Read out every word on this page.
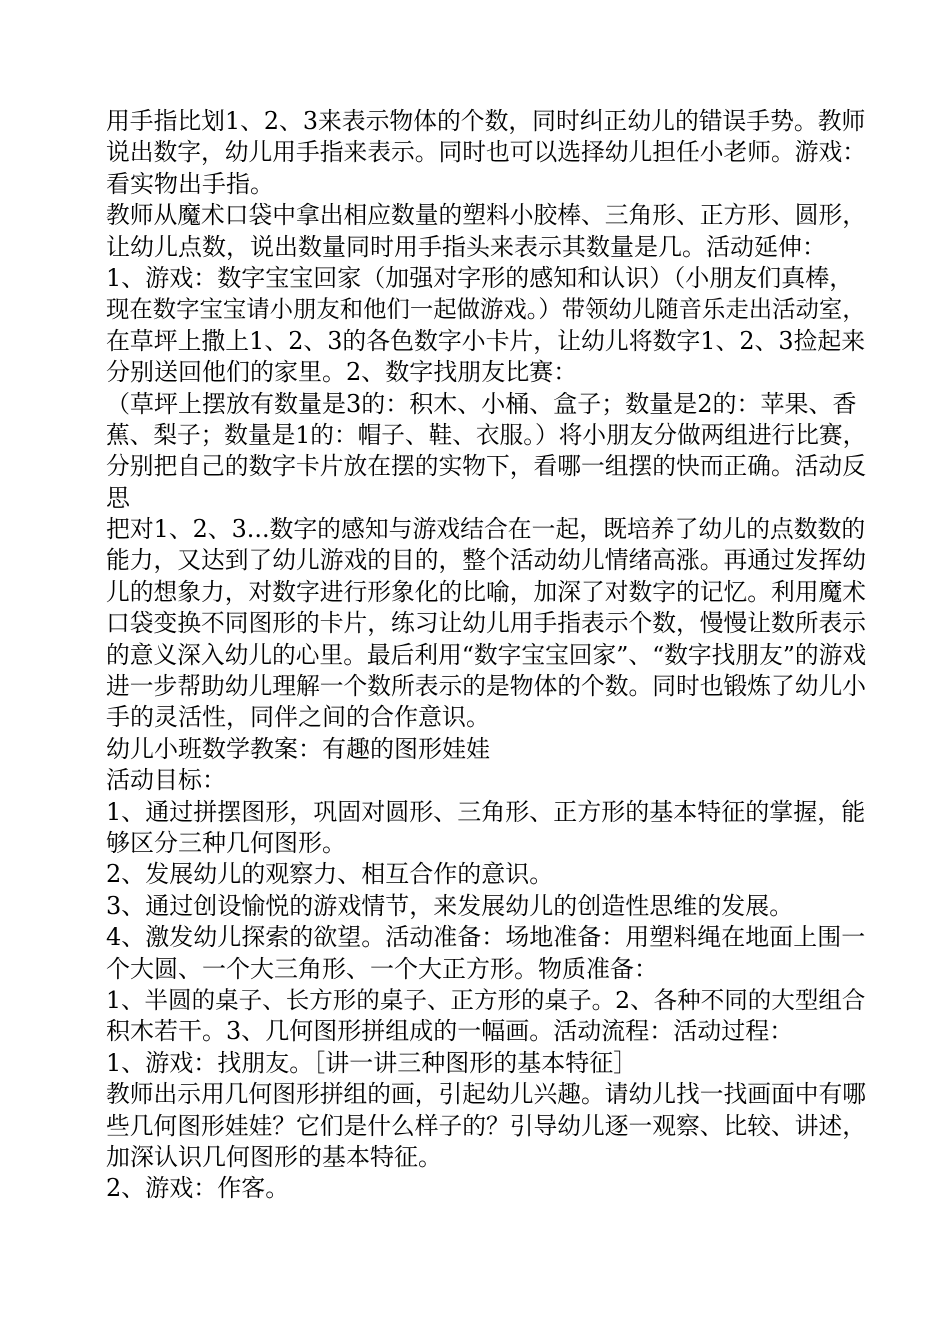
用手指比划1、2、3来表示物体的个数，同时纠正幼儿的错误手势。教师
说出数字，幼儿用手指来表示。同时也可以选择幼儿担任小老师。游戏：
看实物出手指。
教师从魔术口袋中拿出相应数量的塑料小胶棒、三角形、正方形、圆形，
让幼儿点数，说出数量同时用手指头来表示其数量是几。活动延伸：
1、游戏：数字宝宝回家（加强对字形的感知和认识）（小朋友们真棒，
现在数字宝宝请小朋友和他们一起做游戏。）带领幼儿随音乐走出活动室，
在草坪上撒上1、2、3的各色数字小卡片，让幼儿将数字1、2、3捡起来
分别送回他们的家里。2、数字找朋友比赛：
（草坪上摆放有数量是3的：积木、小桶、盒子；数量是2的：苹果、香
蕉、梨子；数量是1的：帽子、鞋、衣服。）将小朋友分做两组进行比赛，
分别把自己的数字卡片放在摆的实物下，看哪一组摆的快而正确。活动反
思
把对1、2、3...数字的感知与游戏结合在一起，既培养了幼儿的点数数的
能力，又达到了幼儿游戏的目的，整个活动幼儿情绪高涨。再通过发挥幼
儿的想象力，对数字进行形象化的比喻，加深了对数字的记忆。利用魔术
口袋变换不同图形的卡片，练习让幼儿用手指表示个数，慢慢让数所表示
的意义深入幼儿的心里。最后利用“数字宝宝回家”、“数字找朋友”的游戏
进一步帮助幼儿理解一个数所表示的是物体的个数。同时也锻炼了幼儿小
手的灵活性，同伴之间的合作意识。
幼儿小班数学教案：有趣的图形娃娃
活动目标：
1、通过拼摆图形，巩固对圆形、三角形、正方形的基本特征的掌握，能
够区分三种几何图形。
2、发展幼儿的观察力、相互合作的意识。
3、通过创设愉悦的游戏情节，来发展幼儿的创造性思维的发展。
4、激发幼儿探索的欲望。活动准备：场地准备：用塑料绳在地面上围一
个大圆、一个大三角形、一个大正方形。物质准备：
1、半圆的桌子、长方形的桌子、正方形的桌子。2、各种不同的大型组合
积木若干。3、几何图形拼组成的一幅画。活动流程：活动过程：
1、游戏：找朋友。［讲一讲三种图形的基本特征］
教师出示用几何图形拼组的画，引起幼儿兴趣。请幼儿找一找画面中有哪
些几何图形娃娃？它们是什么样子的？引导幼儿逐一观察、比较、讲述，
加深认识几何图形的基本特征。
2、游戏：作客。
